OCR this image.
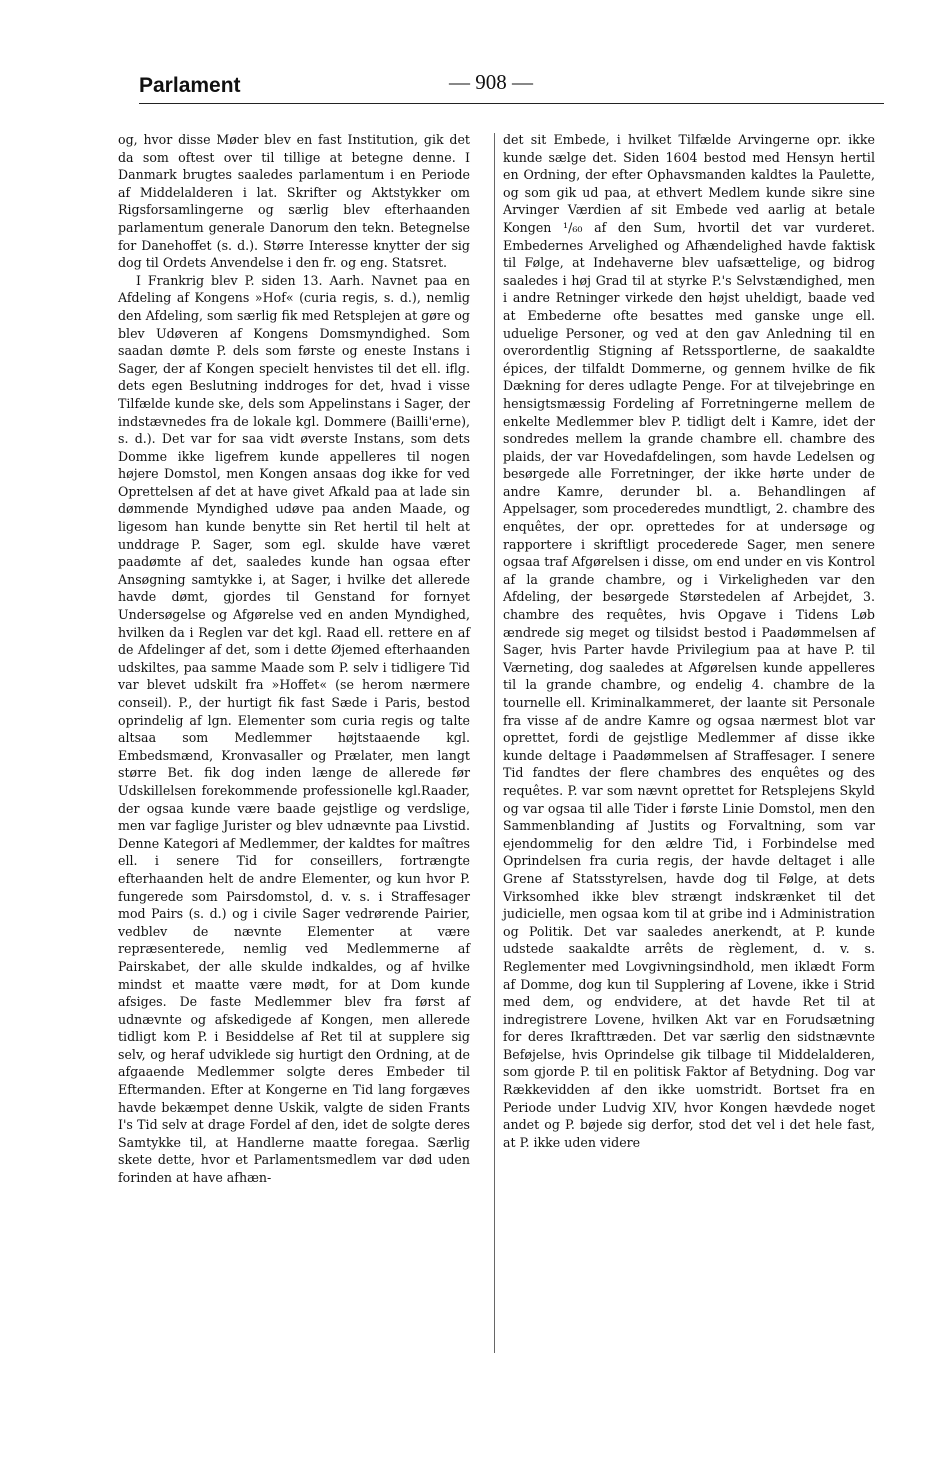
Parlament	— 908 —

og, hvor disse Møder blev en fast Institution, gik det da som oftest over til tillige at betegne denne. I Danmark brugtes saaledes parlamentum i en Periode af Middelalderen i lat. Skrifter og Aktstykker om Rigsforsamlingerne og særlig blev efterhaanden parlamentum generale Danorum den tekn. Betegnelse for Danehoffet (s. d.). Større Interesse knytter der sig dog til Ordets Anvendelse i den fr. og eng. Statsret.

I Frankrig blev P. siden 13. Aarh. Navnet paa en Afdeling af Kongens »Hof« (curia regis, s. d.), nemlig den Afdeling, som særlig fik med Retsplejen at gøre og blev Udøveren af Kongens Domsmyndighed. Som saadan dømte P. dels som første og eneste Instans i Sager, der af Kongen specielt henvistes til det ell. iflg. dets egen Beslutning inddroges for det, hvad i visse Tilfælde kunde ske, dels som Appelinstans i Sager, der indstævnedes fra de lokale kgl. Dommere (Bailli'erne), s. d.). Det var for saa vidt øverste Instans, som dets Domme ikke ligefrem kunde appelleres til nogen højere Domstol, men Kongen ansaas dog ikke for ved Oprettelsen af det at have givet Afkald paa at lade sin dømmende Myndighed udøve paa anden Maade, og ligesom han kunde benytte sin Ret hertil til helt at unddrage P. Sager, som egl. skulde have været paadømte af det, saaledes kunde han ogsaa efter Ansøgning samtykke i, at Sager, i hvilke det allerede havde dømt, gjordes til Genstand for fornyet Undersøgelse og Afgørelse ved en anden Myndighed, hvilken da i Reglen var det kgl. Raad ell. rettere en af de Afdelinger af det, som i dette Øjemed efterhaanden udskiltes, paa samme Maade som P. selv i tidligere Tid var blevet udskilt fra »Hoffet« (se herom nærmere conseil). P., der hurtigt fik fast Sæde i Paris, bestod oprindelig af lgn. Elementer som curia regis og talte altsaa som Medlemmer højtstaaende kgl. Embedsmænd, Kronvasaller og Prælater, men langt større Bet. fik dog inden længe de allerede før Udskillelsen forekommende professionelle kgl.Raader, der ogsaa kunde være baade gejstlige og verdslige, men var faglige Jurister og blev udnævnte paa Livstid. Denne Kategori af Medlemmer, der kaldtes for maîtres ell. i senere Tid for conseillers, fortrængte efterhaanden helt de andre Elementer, og kun hvor P. fungerede som Pairsdomstol, d. v. s. i Straffesager mod Pairs (s. d.) og i civile Sager vedrørende Pairier, vedblev de nævnte Elementer at være repræsenterede, nemlig ved Medlemmerne af Pairskabet, der alle skulde indkaldes, og af hvilke mindst et maatte være mødt, for at Dom kunde afsiges. De faste Medlemmer blev fra først af udnævnte og afskedigede af Kongen, men allerede tidligt kom P. i Besiddelse af Ret til at supplere sig selv, og heraf udviklede sig hurtigt den Ordning, at de afgaaende Medlemmer solgte deres Embeder til Eftermanden. Efter at Kongerne en Tid lang forgæves havde bekæmpet denne Uskik, valgte de siden Frants I's Tid selv at drage Fordel af den, idet de solgte deres Samtykke til, at Handlerne maatte foregaa. Særlig skete dette, hvor et Parlamentsmedlem var død uden forinden at have afhæn-

det sit Embede, i hvilket Tilfælde Arvingerne opr. ikke kunde sælge det. Siden 1604 bestod med Hensyn hertil en Ordning, der efter Ophavsmanden kaldtes la Paulette, og som gik ud paa, at ethvert Medlem kunde sikre sine Arvinger Værdien af sit Embede ved aarlig at betale Kongen ¹/₆₀ af den Sum, hvortil det var vurderet. Embedernes Arvelighed og Afhændelighed havde faktisk til Følge, at Indehaverne blev uafsættelige, og bidrog saaledes i høj Grad til at styrke P.'s Selvstændighed, men i andre Retninger virkede den højst uheldigt, baade ved at Embederne ofte besattes med ganske unge ell. uduelige Personer, og ved at den gav Anledning til en overordentlig Stigning af Retssportlerne, de saakaldte épices, der tilfaldt Dommerne, og gennem hvilke de fik Dækning for deres udlagte Penge. For at tilvejebringe en hensigtsmæssig Fordeling af Forretningerne mellem de enkelte Medlemmer blev P. tidligt delt i Kamre, idet der sondredes mellem la grande chambre ell. chambre des plaids, der var Hovedafdelingen, som havde Ledelsen og besørgede alle Forretninger, der ikke hørte under de andre Kamre, derunder bl. a. Behandlingen af Appelsager, som procederedes mundtligt, 2. chambre des enquêtes, der opr. oprettedes for at undersøge og rapportere i skriftligt procederede Sager, men senere ogsaa traf Afgørelsen i disse, om end under en vis Kontrol af la grande chambre, og i Virkeligheden var den Afdeling, der besørgede Størstedelen af Arbejdet, 3. chambre des requêtes, hvis Opgave i Tidens Løb ændrede sig meget og tilsidst bestod i Paadømmelsen af Sager, hvis Parter havde Privilegium paa at have P. til Værneting, dog saaledes at Afgørelsen kunde appelleres til la grande chambre, og endelig 4. chambre de la tournelle ell. Kriminalkammeret, der laante sit Personale fra visse af de andre Kamre og ogsaa nærmest blot var oprettet, fordi de gejstlige Medlemmer af disse ikke kunde deltage i Paadømmelsen af Straffesager. I senere Tid fandtes der flere chambres des enquêtes og des requêtes. P. var som nævnt oprettet for Retsplejens Skyld og var ogsaa til alle Tider i første Linie Domstol, men den Sammenblanding af Justits og Forvaltning, som var ejendommelig for den ældre Tid, i Forbindelse med Oprindelsen fra curia regis, der havde deltaget i alle Grene af Statsstyrelsen, havde dog til Følge, at dets Virksomhed ikke blev strængt indskrænket til det judicielle, men ogsaa kom til at gribe ind i Administration og Politik. Det var saaledes anerkendt, at P. kunde udstede saakaldte arrêts de règlement, d. v. s. Reglementer med Lovgivningsindhold, men iklædt Form af Domme, dog kun til Supplering af Lovene, ikke i Strid med dem, og endvidere, at det havde Ret til at indregistrere Lovene, hvilken Akt var en Forudsætning for deres Ikrafttræden. Det var særlig den sidstnævnte Beføjelse, hvis Oprindelse gik tilbage til Middelalderen, som gjorde P. til en politisk Faktor af Betydning. Dog var Rækkevidden af den ikke uomstridt. Bortset fra en Periode under Ludvig XIV, hvor Kongen hævdede noget andet og P. bøjede sig derfor, stod det vel i det hele fast, at P. ikke uden videre
